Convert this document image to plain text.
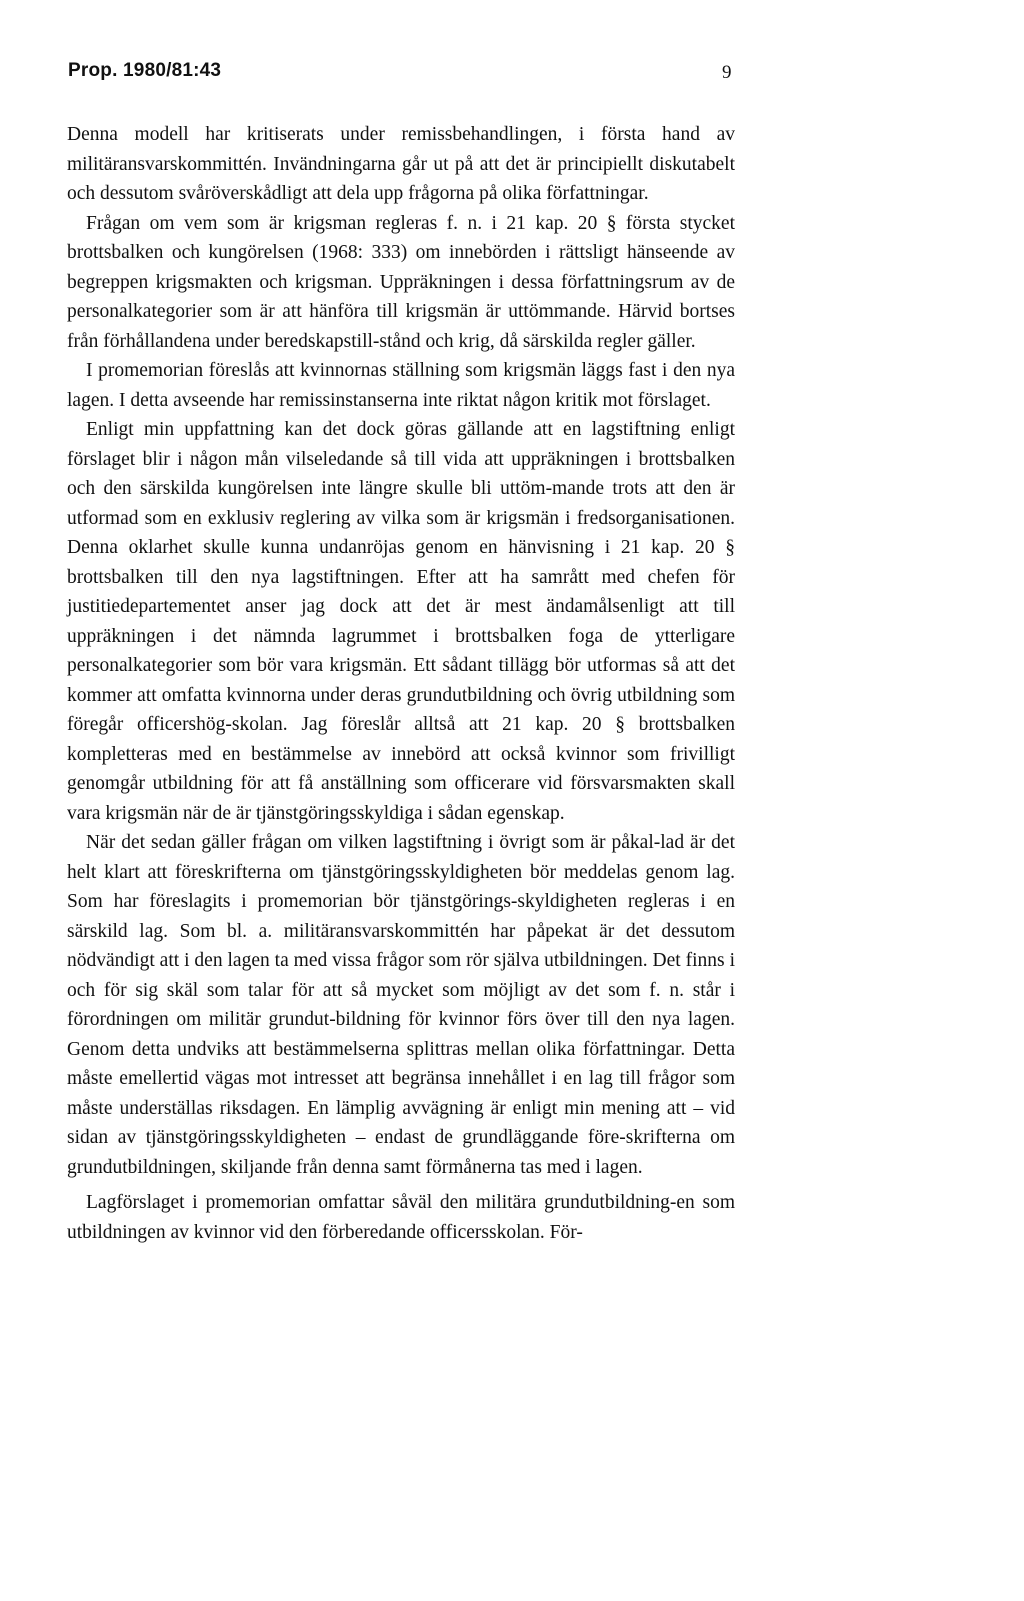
Prop. 1980/81:43	9

Denna modell har kritiserats under remissbehandlingen, i första hand av militäransvarskommittén. Invändningarna går ut på att det är principiellt diskutabelt och dessutom svåröverskådligt att dela upp frågorna på olika författningar.

Frågan om vem som är krigsman regleras f. n. i 21 kap. 20 § första stycket brottsbalken och kungörelsen (1968: 333) om innebörden i rättsligt hänseende av begreppen krigsmakten och krigsman. Uppräkningen i dessa författningsrum av de personalkategorier som är att hänföra till krigsmän är uttömmande. Härvid bortses från förhållandena under beredskapstill-stånd och krig, då särskilda regler gäller.

I promemorian föreslås att kvinnornas ställning som krigsmän läggs fast i den nya lagen. I detta avseende har remissinstanserna inte riktat någon kritik mot förslaget.

Enligt min uppfattning kan det dock göras gällande att en lagstiftning enligt förslaget blir i någon mån vilseledande så till vida att uppräkningen i brottsbalken och den särskilda kungörelsen inte längre skulle bli uttöm-mande trots att den är utformad som en exklusiv reglering av vilka som är krigsmän i fredsorganisationen. Denna oklarhet skulle kunna undanröjas genom en hänvisning i 21 kap. 20 § brottsbalken till den nya lagstiftningen. Efter att ha samrått med chefen för justitiedepartementet anser jag dock att det är mest ändamålsenligt att till uppräkningen i det nämnda lagrummet i brottsbalken foga de ytterligare personalkategorier som bör vara krigsmän. Ett sådant tillägg bör utformas så att det kommer att omfatta kvinnorna under deras grundutbildning och övrig utbildning som föregår officershög-skolan. Jag föreslår alltså att 21 kap. 20 § brottsbalken kompletteras med en bestämmelse av innebörd att också kvinnor som frivilligt genomgår utbildning för att få anställning som officerare vid försvarsmakten skall vara krigsmän när de är tjänstgöringsskyldiga i sådan egenskap.

När det sedan gäller frågan om vilken lagstiftning i övrigt som är påkal-lad är det helt klart att föreskrifterna om tjänstgöringsskyldigheten bör meddelas genom lag. Som har föreslagits i promemorian bör tjänstgörings-skyldigheten regleras i en särskild lag. Som bl. a. militäransvarskommittén har påpekat är det dessutom nödvändigt att i den lagen ta med vissa frågor som rör själva utbildningen. Det finns i och för sig skäl som talar för att så mycket som möjligt av det som f. n. står i förordningen om militär grundut-bildning för kvinnor förs över till den nya lagen. Genom detta undviks att bestämmelserna splittras mellan olika författningar. Detta måste emellertid vägas mot intresset att begränsa innehållet i en lag till frågor som måste underställas riksdagen. En lämplig avvägning är enligt min mening att – vid sidan av tjänstgöringsskyldigheten – endast de grundläggande före-skrifterna om grundutbildningen, skiljande från denna samt förmånerna tas med i lagen.

Lagförslaget i promemorian omfattar såväl den militära grundutbildning-en som utbildningen av kvinnor vid den förberedande officersskolan. För-
